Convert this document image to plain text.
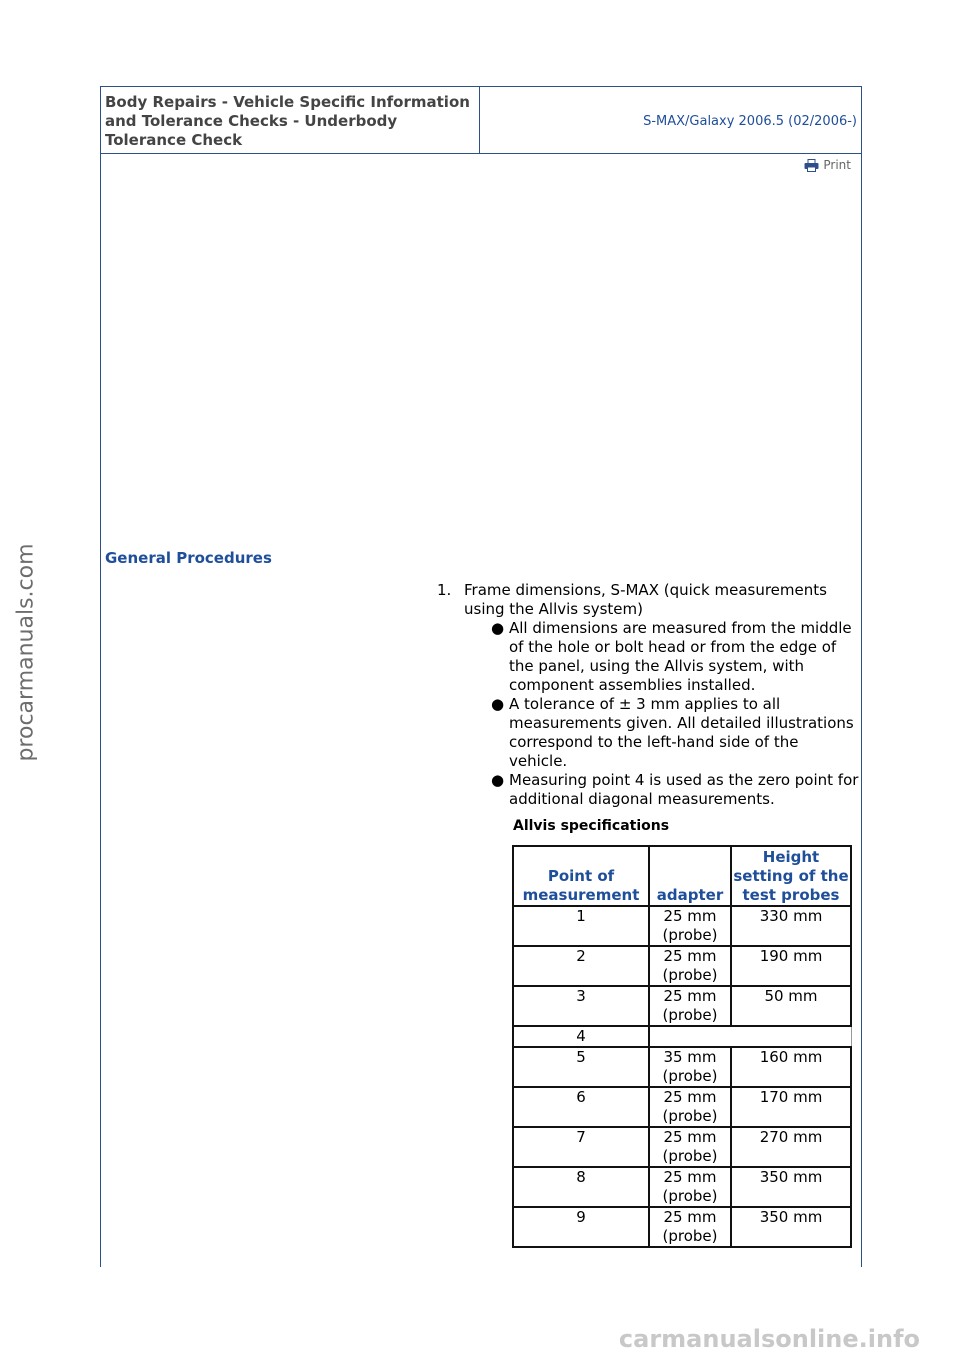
Body Repairs - Vehicle Specific Information and Tolerance Checks - Underbody Tolerance Check
S-MAX/Galaxy 2006.5 (02/2006-)
Print
General Procedures
1. Frame dimensions, S-MAX (quick measurements using the Allvis system)
● All dimensions are measured from the middle of the hole or bolt head or from the edge of the panel, using the Allvis system, with component assemblies installed.
● A tolerance of ± 3 mm applies to all measurements given. All detailed illustrations correspond to the left-hand side of the vehicle.
● Measuring point 4 is used as the zero point for additional diagonal measurements.
Allvis specifications
Point of measurement	adapter	Height setting of the test probes
1	25 mm (probe)	330 mm
2	25 mm (probe)	190 mm
3	25 mm (probe)	50 mm
4		
5	35 mm (probe)	160 mm
6	25 mm (probe)	170 mm
7	25 mm (probe)	270 mm
8	25 mm (probe)	350 mm
9	25 mm (probe)	350 mm
procarmanuals.com
carmanualsonline.info
